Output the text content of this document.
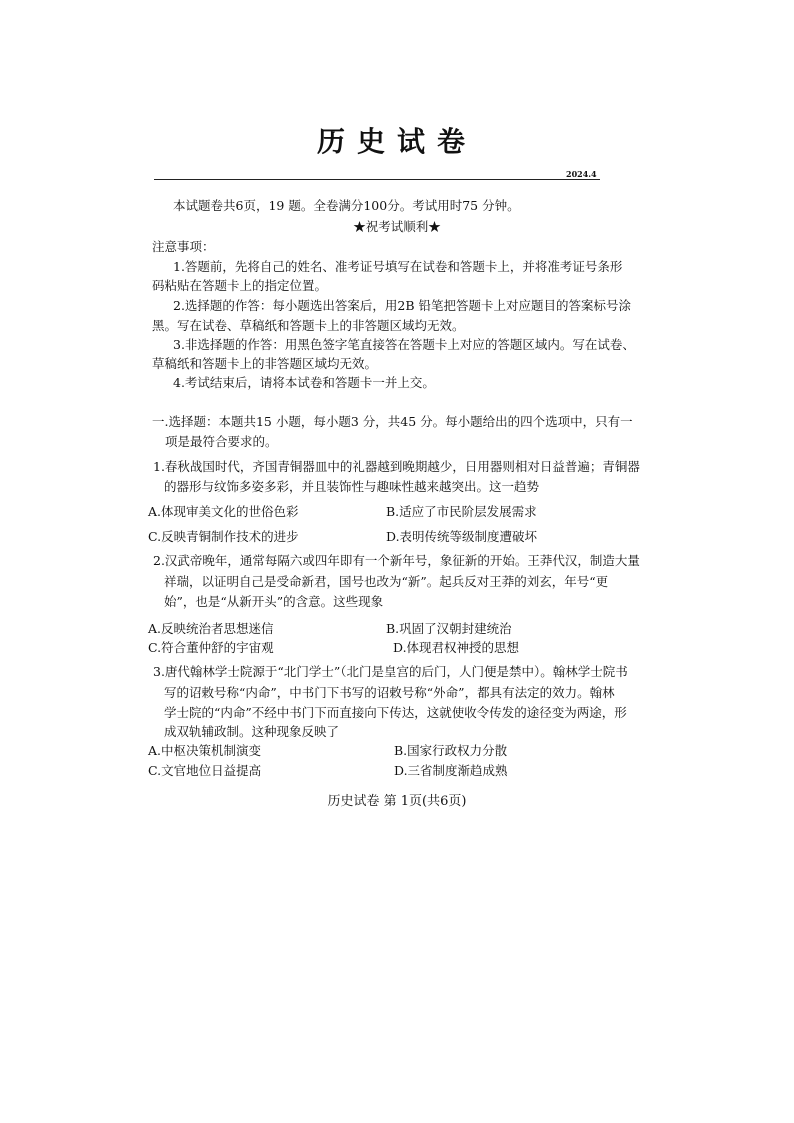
历史试卷
2024.4
本试题卷共6页，19 题。全卷满分100分。考试用时75 分钟。
★祝考试顺利★
注意事项：
1.答题前，先将自己的姓名、准考证号填写在试卷和答题卡上，并将准考证号条形
码粘贴在答题卡上的指定位置。
2.选择题的作答：每小题选出答案后，用2B 铅笔把答题卡上对应题目的答案标号涂
黑。写在试卷、草稿纸和答题卡上的非答题区域均无效。
3.非选择题的作答：用黑色签字笔直接答在答题卡上对应的答题区域内。写在试卷、
草稿纸和答题卡上的非答题区域均无效。
4.考试结束后，请将本试卷和答题卡一并上交。
一.选择题：本题共15 小题，每小题3 分，共45 分。每小题给出的四个选项中，只有一
项是最符合要求的。
1.春秋战国时代，齐国青铜器皿中的礼器越到晚期越少，日用器则相对日益普遍；青铜器
的器形与纹饰多姿多彩，并且装饰性与趣味性越来越突出。这一趋势
A.体现审美文化的世俗色彩	B.适应了市民阶层发展需求
C.反映青铜制作技术的进步	D.表明传统等级制度遭破坏
2.汉武帝晚年，通常每隔六或四年即有一个新年号，象征新的开始。王莽代汉，制造大量
祥瑞，以证明自己是受命新君，国号也改为“新”。起兵反对王莽的刘玄，年号“更
始”，也是“从新开头”的含意。这些现象
A.反映统治者思想迷信	B.巩固了汉朝封建统治
C.符合董仲舒的宇宙观	D.体现君权神授的思想
3.唐代翰林学士院源于“北门学士”（北门是皇宫的后门，人门便是禁中）。翰林学士院书
写的诏敕号称“内命”，中书门下书写的诏敕号称“外命”，都具有法定的效力。翰林
学士院的“内命”不经中书门下而直接向下传达，这就使收令传发的途径变为两途，形
成双轨辅政制。这种现象反映了
A.中枢决策机制演变	B.国家行政权力分散
C.文官地位日益提高	D.三省制度渐趋成熟
历史试卷 第 1页(共6页)
